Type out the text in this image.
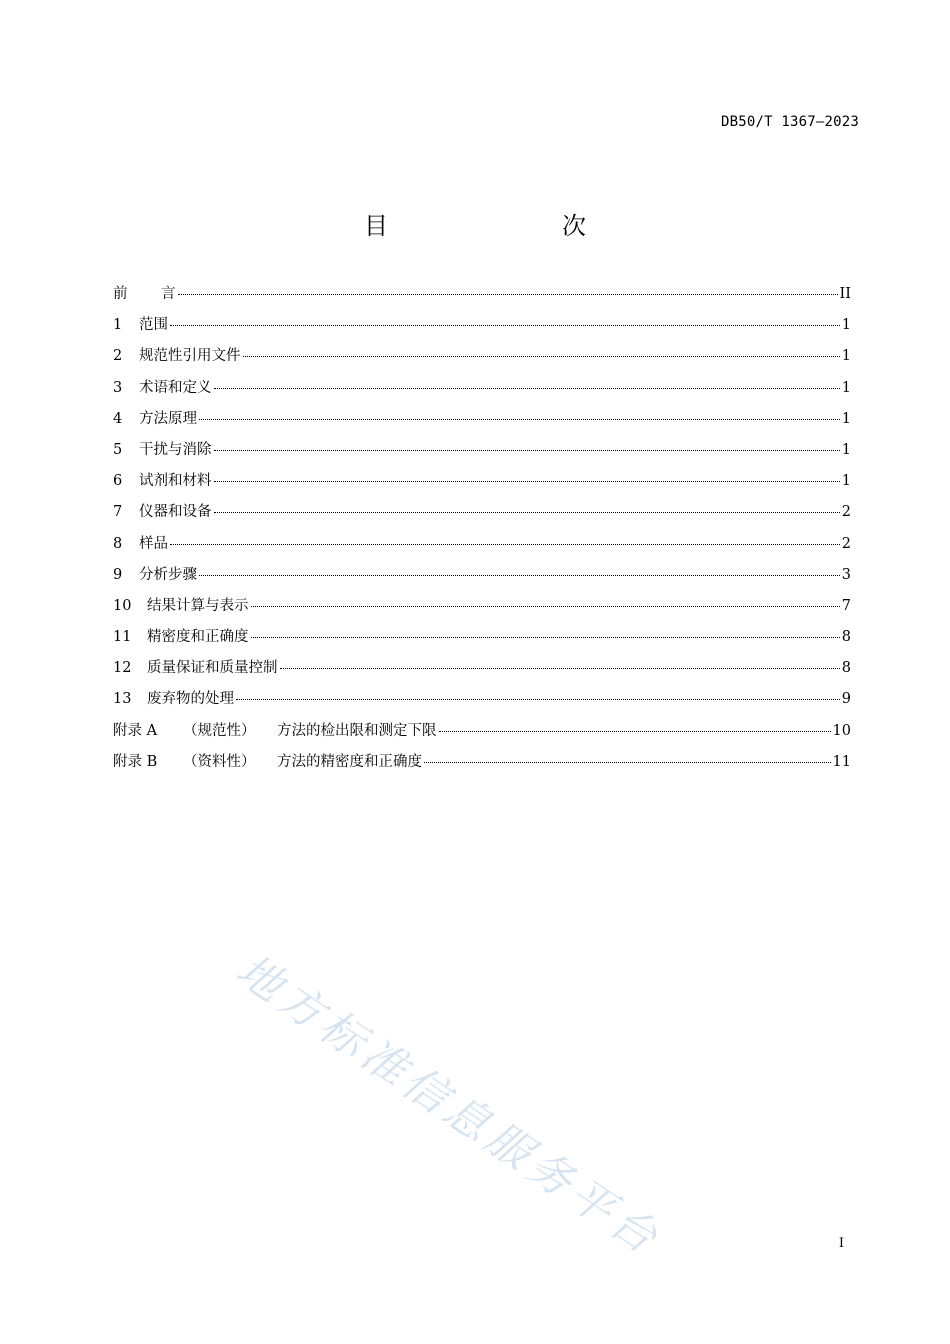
DB50/T 1367—2023
目　　次
前	言	II
1	范围	1
2	规范性引用文件	1
3	术语和定义	1
4	方法原理	1
5	干扰与消除	1
6	试剂和材料	1
7	仪器和设备	2
8	样品	2
9	分析步骤	3
10	结果计算与表示	7
11	精密度和正确度	8
12	质量保证和质量控制	8
13	废弃物的处理	9
附录 A	（规范性）	方法的检出限和测定下限	10
附录 B	（资料性）	方法的精密度和正确度	11
地方标准信息服务平台	I
